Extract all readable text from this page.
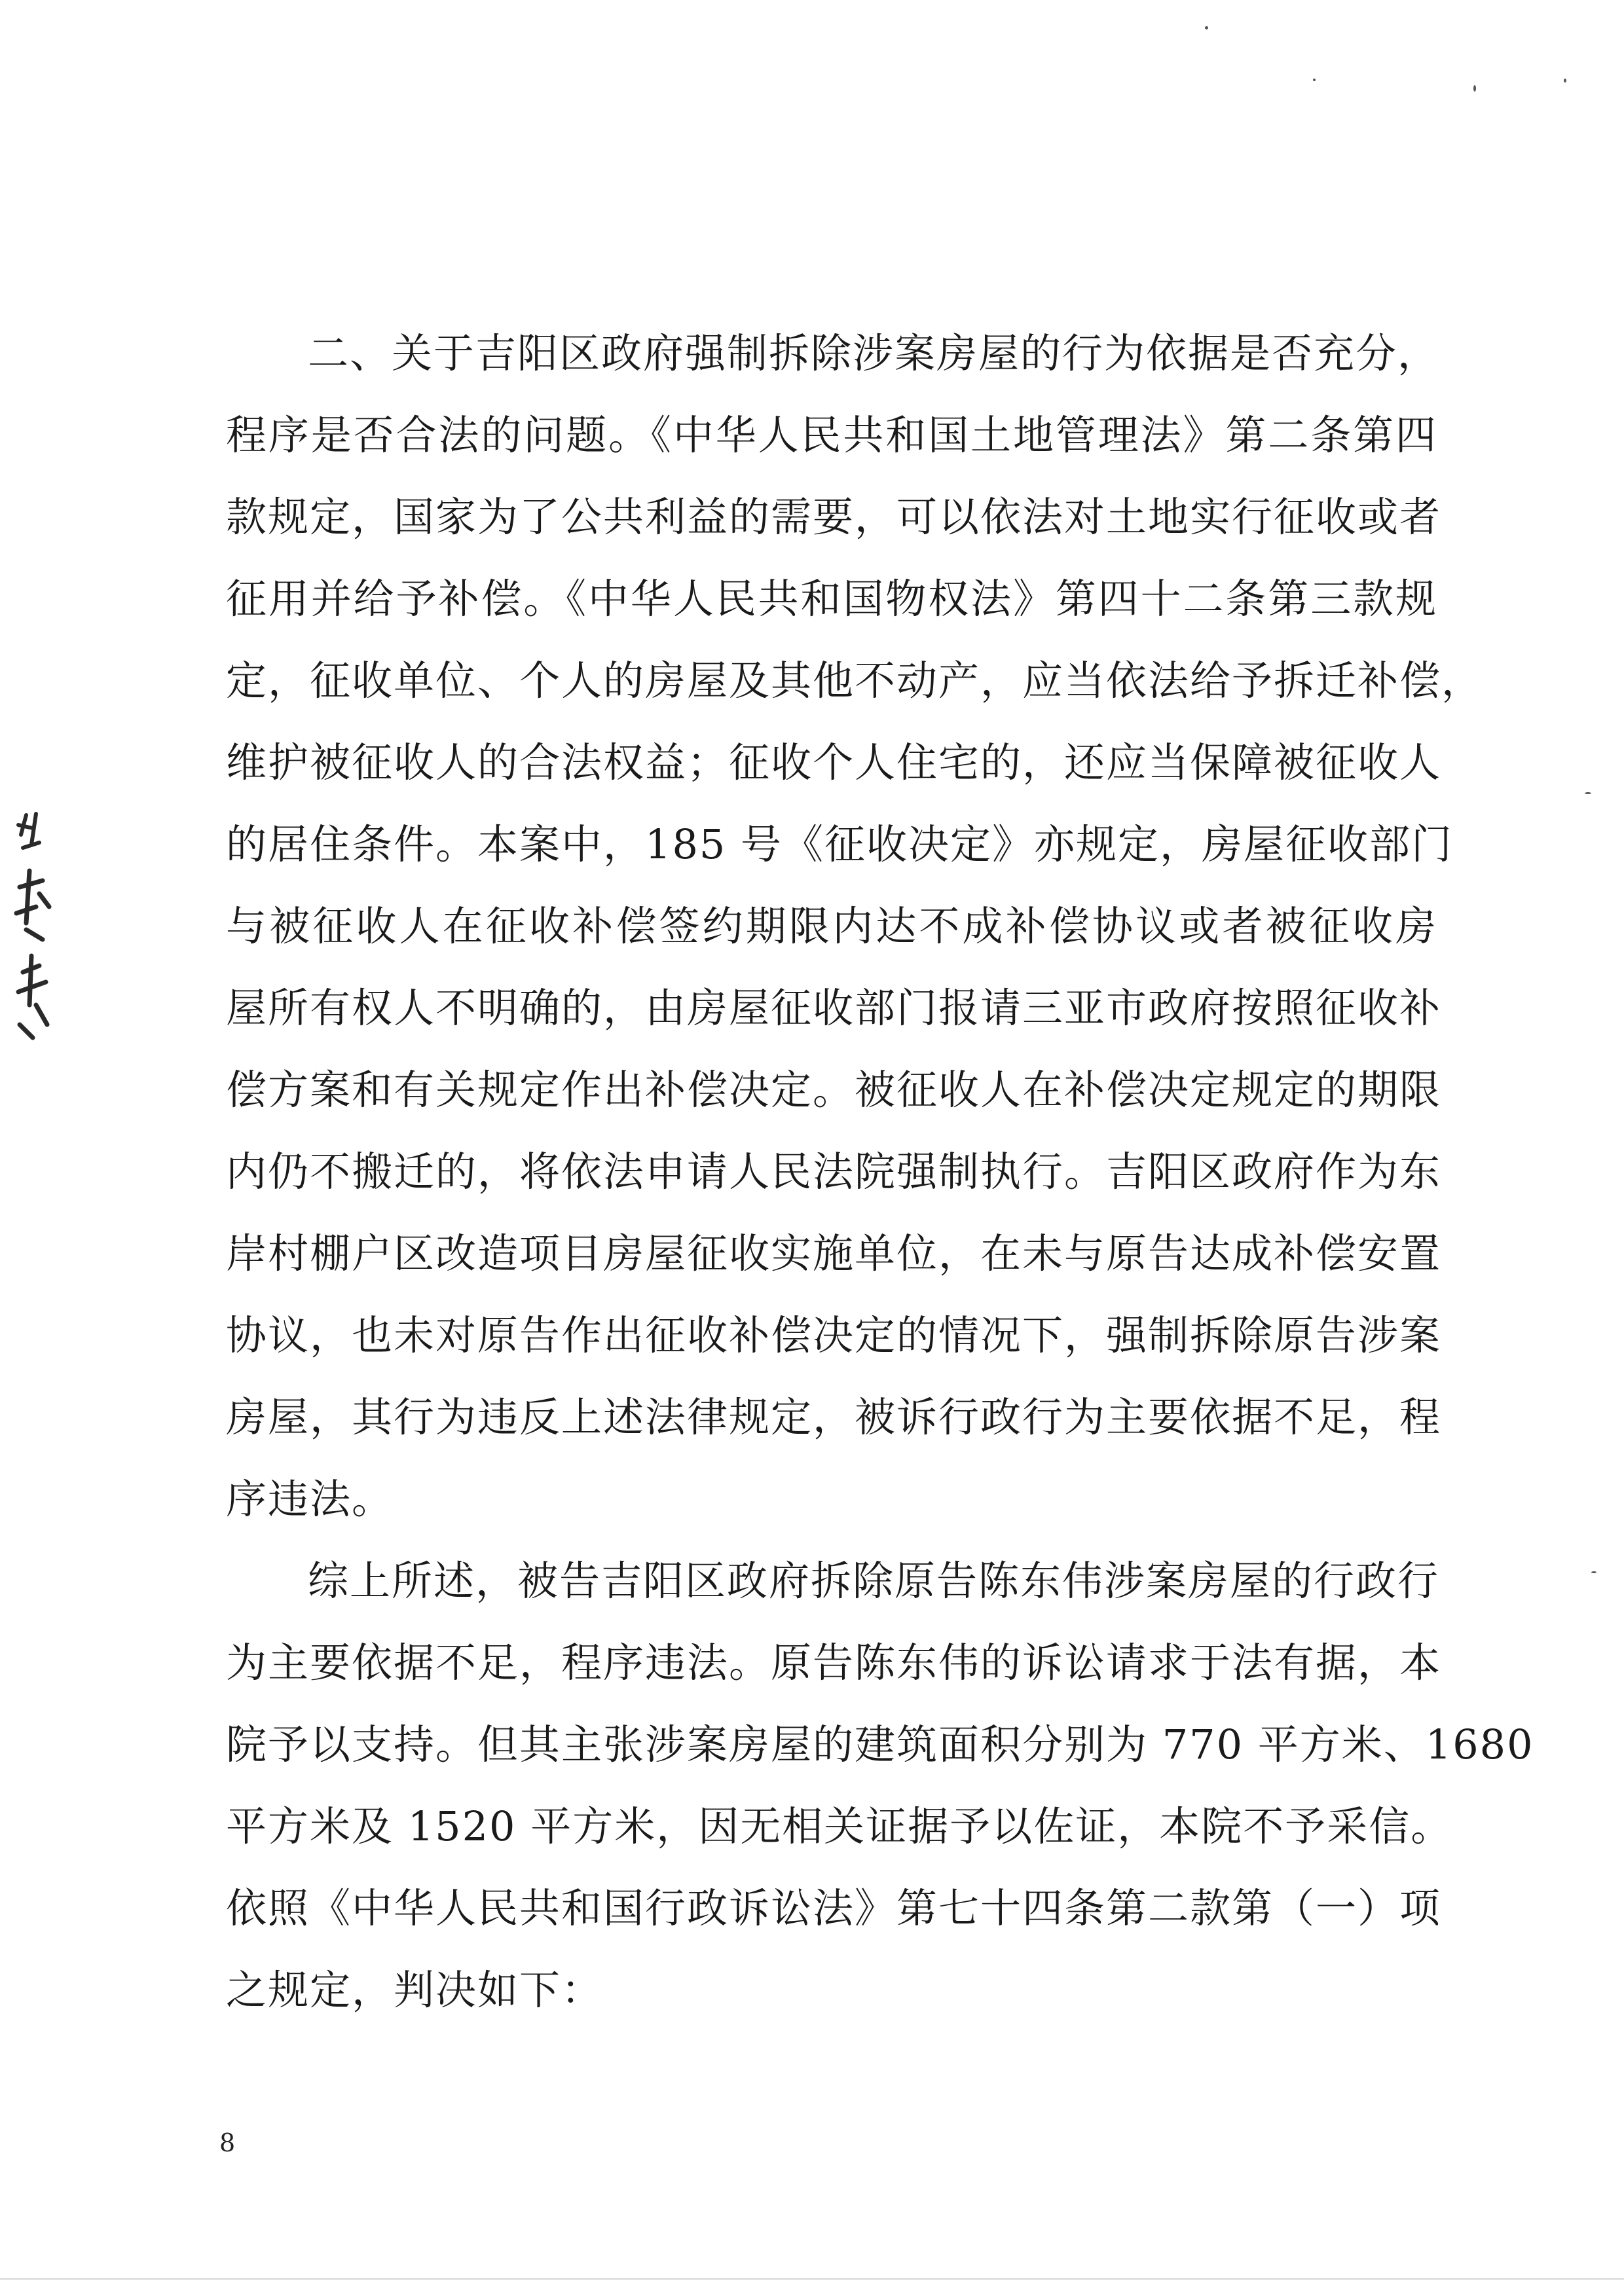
二、关于吉阳区政府强制拆除涉案房屋的行为依据是否充分，
程序是否合法的问题。《中华人民共和国土地管理法》第二条第四
款规定，国家为了公共利益的需要，可以依法对土地实行征收或者
征用并给予补偿。《中华人民共和国物权法》第四十二条第三款规
定，征收单位、个人的房屋及其他不动产，应当依法给予拆迁补偿，
维护被征收人的合法权益；征收个人住宅的，还应当保障被征收人
的居住条件。本案中，185 号《征收决定》亦规定，房屋征收部门
与被征收人在征收补偿签约期限内达不成补偿协议或者被征收房
屋所有权人不明确的，由房屋征收部门报请三亚市政府按照征收补
偿方案和有关规定作出补偿决定。被征收人在补偿决定规定的期限
内仍不搬迁的，将依法申请人民法院强制执行。吉阳区政府作为东
岸村棚户区改造项目房屋征收实施单位，在未与原告达成补偿安置
协议，也未对原告作出征收补偿决定的情况下，强制拆除原告涉案
房屋，其行为违反上述法律规定，被诉行政行为主要依据不足，程
序违法。
综上所述，被告吉阳区政府拆除原告陈东伟涉案房屋的行政行
为主要依据不足，程序违法。原告陈东伟的诉讼请求于法有据，本
院予以支持。但其主张涉案房屋的建筑面积分别为 770 平方米、1680
平方米及 1520 平方米，因无相关证据予以佐证，本院不予采信。
依照《中华人民共和国行政诉讼法》第七十四条第二款第（一）项
之规定，判决如下：
8
